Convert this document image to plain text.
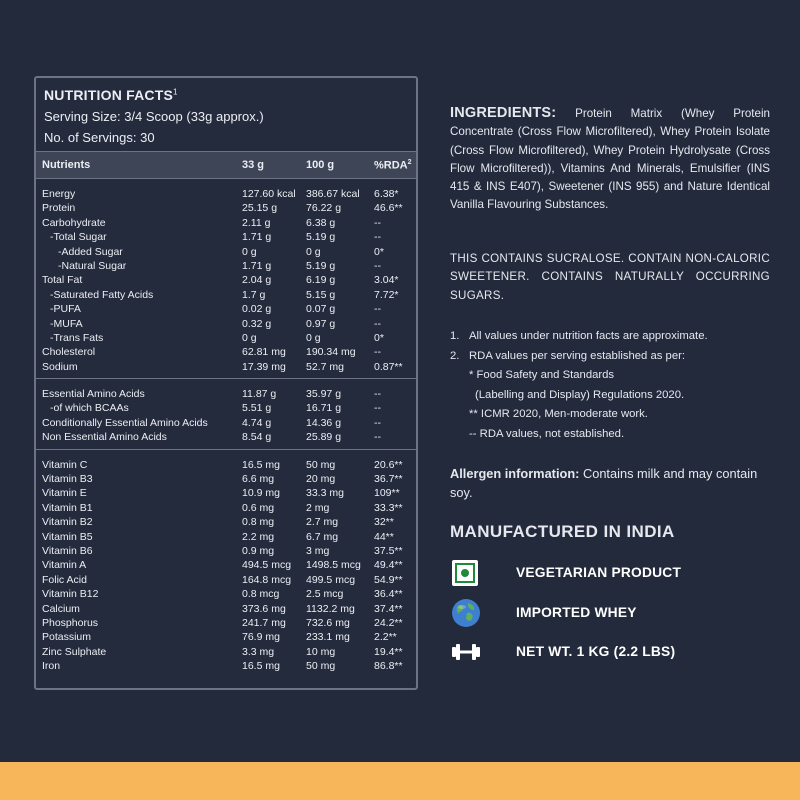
NUTRITION FACTS$^1$
Serving Size: 3/4 Scoop (33g approx.)
No. of Servings: 30
Nutrients	33 g	100 g	%RDA$^2$
Energy	127.60 kcal 386.67 kcal 6.38*
Protein	25.15 g	76.22 g	46.6**
Carbohydrate	2.11 g	6.38 g	--
-Total Sugar	1.71 g	5.19 g	--
-Added Sugar	0 g	0 g	0*
-Natural Sugar	1.71 g	5.19 g	--
Total Fat	2.04 g	6.19 g	3.04*
-Saturated Fatty Acids	1.7 g	5.15 g	7.72*
-PUFA	0.02 g	0.07 g	--
-MUFA	0.32 g	0.97 g	--
-Trans Fats	0 g	0 g	0*
Cholesterol	62.81 mg 190.34 mg --
Sodium	17.39 mg 52.7 mg	0.87**
Essential Amino Acids	11.87 g	35.97 g	--
-of which BCAAs	5.51 g	16.71 g	--
Conditionally Essential Amino Acids	4.74 g	14.36 g	--
Non Essential Amino Acids	8.54 g	25.89 g	--
Vitamin C	16.5 mg 50 mg	20.6**
Vitamin B3	6.6 mg	20 mg	36.7**
Vitamin E	10.9 mg 33.3 mg	109**
Vitamin B1	0.6 mg	2 mg	33.3**
Vitamin B2	0.8 mg	2.7 mg	32**
Vitamin B5	2.2 mg	6.7 mg	44**
Vitamin B6	0.9 mg	3 mg	37.5**
Vitamin A	494.5 mcg 1498.5 mcg 49.4**
Folic Acid	164.8 mcg 499.5 mcg 54.9**
Vitamin B12	0.8 mcg	2.5 mcg	36.4**
Calcium	373.6 mg 1132.2 mg 37.4**
Phosphorus	241.7 mg 732.6 mg 24.2**
Potassium	76.9 mg 233.1 mg 2.2**
Zinc Sulphate	3.3 mg	10 mg	19.4**
Iron	16.5 mg 50 mg	86.8**
INGREDIENTS: Protein Matrix (Whey Protein Concentrate (Cross Flow Microfiltered), Whey Protein Isolate (Cross Flow Microfiltered), Whey Protein Hydrolysate (Cross Flow Microfiltered)), Vitamins And Minerals, Emulsifier (INS 415 & INS E407), Sweetener (INS 955) and Nature Identical Vanilla Flavouring Substances.
THIS CONTAINS SUCRALOSE. CONTAIN NON-CALORIC SWEETENER. CONTAINS NATURALLY OCCURRING SUGARS.
1. All values under nutrition facts are approximate.
2. RDA values per serving established as per:
* Food Safety and Standards
(Labelling and Display) Regulations 2020.
** ICMR 2020, Men-moderate work.
-- RDA values, not established.
Allergen information: Contains milk and may contain soy.
MANUFACTURED IN INDIA
VEGETARIAN PRODUCT
IMPORTED WHEY
NET WT. 1 KG (2.2 LBS)
